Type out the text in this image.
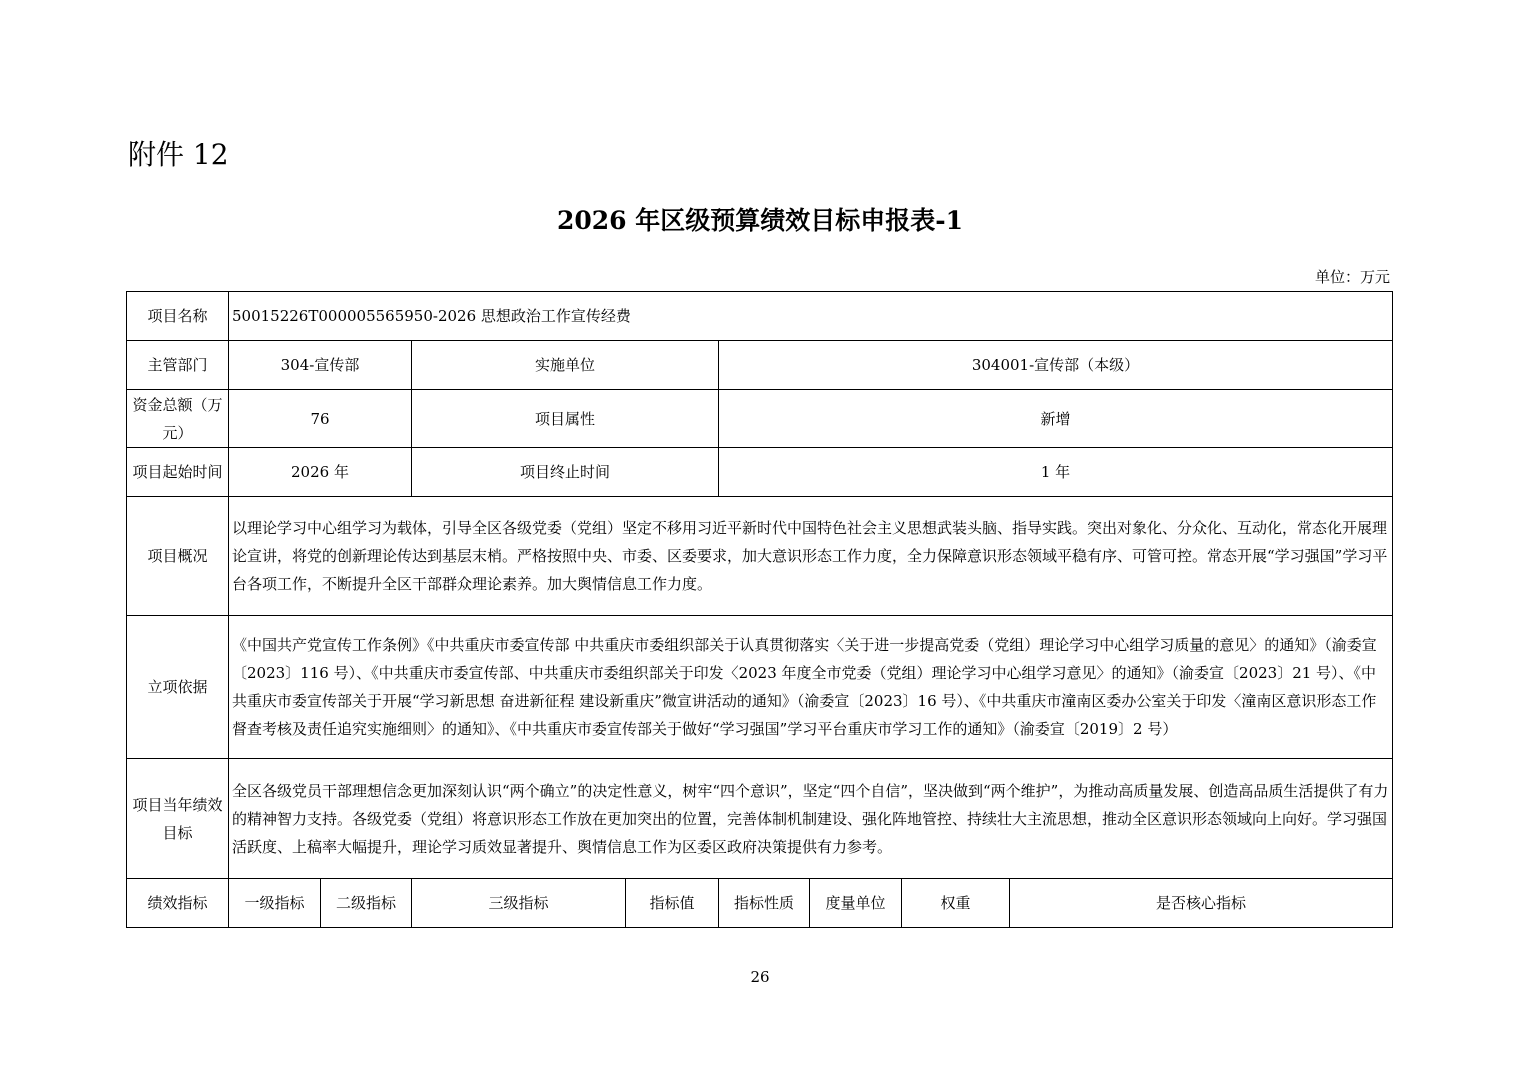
附件 12
2026 年区级预算绩效目标申报表-1
单位：万元
项目名称	50015226T000005565950-2026 思想政治工作宣传经费							
主管部门	304-宣传部		实施单位		304001-宣传部（本级）			
资金总额（万元）	76		项目属性		新增			
项目起始时间	2026 年		项目终止时间		1 年			
项目概况	以理论学习中心组学习为载体，引导全区各级党委（党组）坚定不移用习近平新时代中国特色社会主义思想武装头脑、指导实践。突出对象化、分众化、互动化，常态化开展理论宣讲，将党的创新理论传达到基层末梢。严格按照中央、市委、区委要求，加大意识形态工作力度，全力保障意识形态领域平稳有序、可管可控。常态开展“学习强国”学习平台各项工作，不断提升全区干部群众理论素养。加大舆情信息工作力度。							
立项依据	《中国共产党宣传工作条例》《中共重庆市委宣传部 中共重庆市委组织部关于认真贯彻落实〈关于进一步提高党委（党组）理论学习中心组学习质量的意见〉的通知》（渝委宣〔2023〕116 号）、《中共重庆市委宣传部、中共重庆市委组织部关于印发〈2023 年度全市党委（党组）理论学习中心组学习意见〉的通知》（渝委宣〔2023〕21 号）、《中共重庆市委宣传部关于开展“学习新思想 奋进新征程 建设新重庆”微宣讲活动的通知》（渝委宣〔2023〕16 号）、《中共重庆市潼南区委办公室关于印发〈潼南区意识形态工作督查考核及责任追究实施细则〉的通知》、《中共重庆市委宣传部关于做好“学习强国”学习平台重庆市学习工作的通知》（渝委宣〔2019〕2 号）							
项目当年绩效目标	全区各级党员干部理想信念更加深刻认识“两个确立”的决定性意义，树牢“四个意识”，坚定“四个自信”，坚决做到“两个维护”，为推动高质量发展、创造高品质生活提供了有力的精神智力支持。各级党委（党组）将意识形态工作放在更加突出的位置，完善体制机制建设、强化阵地管控、持续壮大主流思想，推动全区意识形态领域向上向好。学习强国活跃度、上稿率大幅提升，理论学习质效显著提升、舆情信息工作为区委区政府决策提供有力参考。							
绩效指标	一级指标	二级指标	三级指标	指标值	指标性质	度量单位	权重	是否核心指标
26
